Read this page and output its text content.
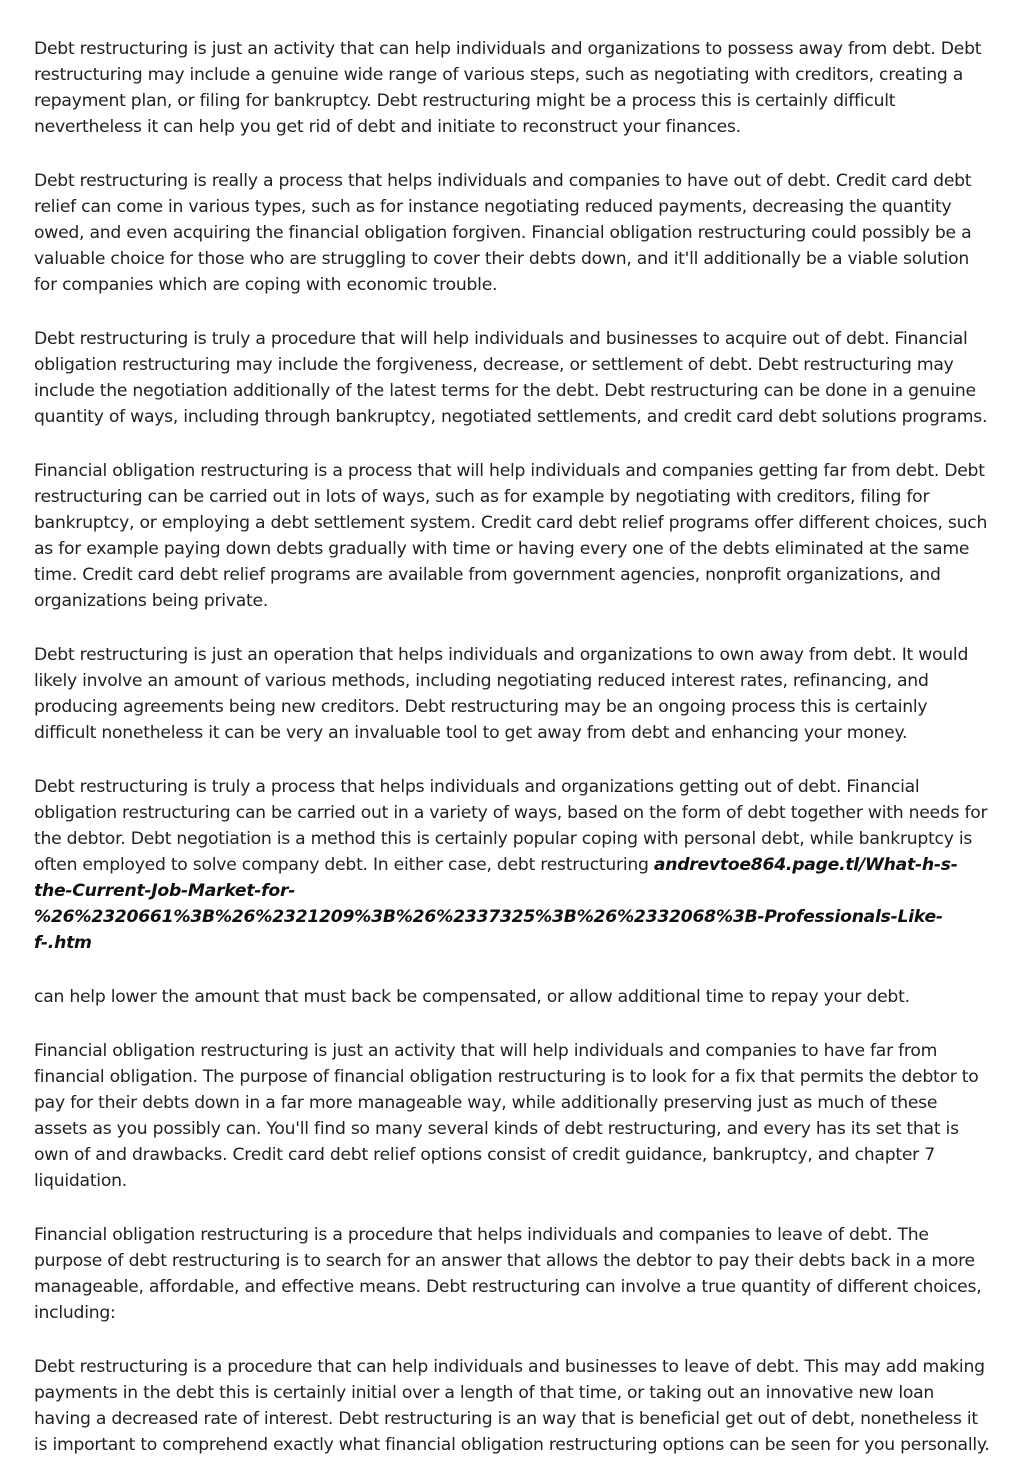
Debt restructuring is just an activity that can help individuals and organizations to possess away from debt. Debt restructuring may include a genuine wide range of various steps, such as negotiating with creditors, creating a repayment plan, or filing for bankruptcy. Debt restructuring might be a process this is certainly difficult nevertheless it can help you get rid of debt and initiate to reconstruct your finances.

Debt restructuring is really a process that helps individuals and companies to have out of debt. Credit card debt relief can come in various types, such as for instance negotiating reduced payments, decreasing the quantity owed, and even acquiring the financial obligation forgiven. Financial obligation restructuring could possibly be a valuable choice for those who are struggling to cover their debts down, and it'll additionally be a viable solution for companies which are coping with economic trouble.

Debt restructuring is truly a procedure that will help individuals and businesses to acquire out of debt. Financial obligation restructuring may include the forgiveness, decrease, or settlement of debt. Debt restructuring may include the negotiation additionally of the latest terms for the debt. Debt restructuring can be done in a genuine quantity of ways, including through bankruptcy, negotiated settlements, and credit card debt solutions programs.

Financial obligation restructuring is a process that will help individuals and companies getting far from debt. Debt restructuring can be carried out in lots of ways, such as for example by negotiating with creditors, filing for bankruptcy, or employing a debt settlement system. Credit card debt relief programs offer different choices, such as for example paying down debts gradually with time or having every one of the debts eliminated at the same time. Credit card debt relief programs are available from government agencies, nonprofit organizations, and organizations being private.

Debt restructuring is just an operation that helps individuals and organizations to own away from debt. It would likely involve an amount of various methods, including negotiating reduced interest rates, refinancing, and producing agreements being new creditors. Debt restructuring may be an ongoing process this is certainly difficult nonetheless it can be very an invaluable tool to get away from debt and enhancing your money.

Debt restructuring is truly a process that helps individuals and organizations getting out of debt. Financial obligation restructuring can be carried out in a variety of ways, based on the form of debt together with needs for the debtor. Debt negotiation is a method this is certainly popular coping with personal debt, while bankruptcy is often employed to solve company debt. In either case, debt restructuring andrevtoe864.page.tl/What-h-s-the-Current-Job-Market-for-%26%2320661%3B%26%2321209%3B%26%2337325%3B%26%2332068%3B-Professionals-Like-f-.htm

can help lower the amount that must back be compensated, or allow additional time to repay your debt.

Financial obligation restructuring is just an activity that will help individuals and companies to have far from financial obligation. The purpose of financial obligation restructuring is to look for a fix that permits the debtor to pay for their debts down in a far more manageable way, while additionally preserving just as much of these assets as you possibly can. You'll find so many several kinds of debt restructuring, and every has its set that is own of and drawbacks. Credit card debt relief options consist of credit guidance, bankruptcy, and chapter 7 liquidation.

Financial obligation restructuring is a procedure that helps individuals and companies to leave of debt. The purpose of debt restructuring is to search for an answer that allows the debtor to pay their debts back in a more manageable, affordable, and effective means. Debt restructuring can involve a true quantity of different choices, including:

Debt restructuring is a procedure that can help individuals and businesses to leave of debt. This may add making payments in the debt this is certainly initial over a length of that time, or taking out an innovative new loan having a decreased rate of interest. Debt restructuring is an way that is beneficial get out of debt, nonetheless it is important to comprehend exactly what financial obligation restructuring options can be seen for you personally.
